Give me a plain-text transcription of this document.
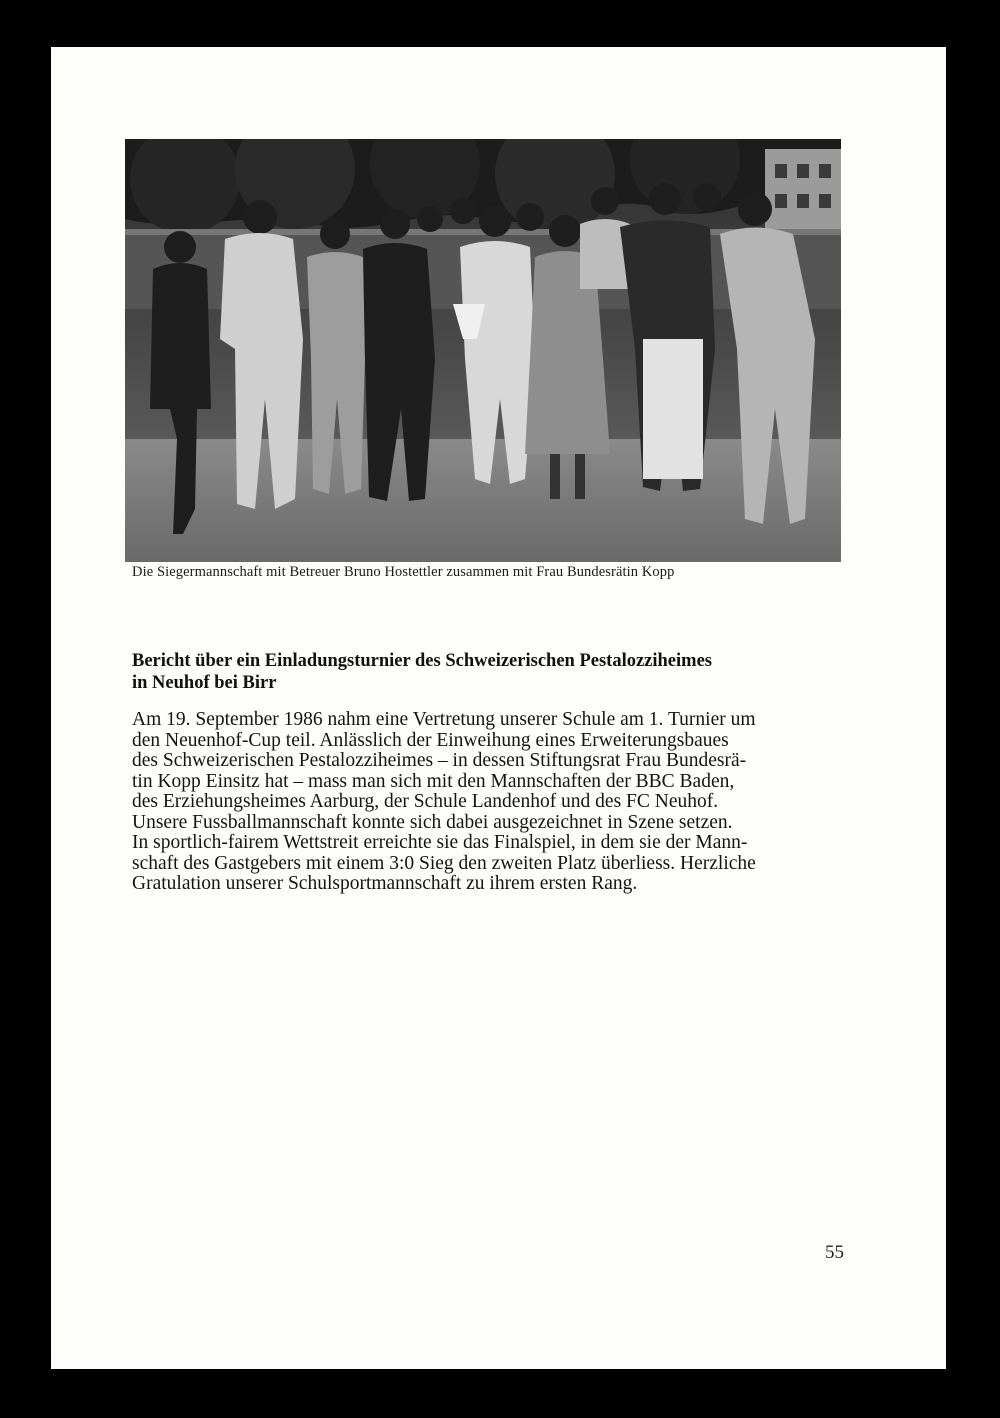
Die Siegermannschaft mit Betreuer Bruno Hostettler zusammen mit Frau Bundesrätin Kopp
Bericht über ein Einladungsturnier des Schweizerischen Pestalozziheimes
in Neuhof bei Birr
Am 19. September 1986 nahm eine Vertretung unserer Schule am 1. Turnier um
den Neuenhof-Cup teil. Anlässlich der Einweihung eines Erweiterungsbaues
des Schweizerischen Pestalozziheimes – in dessen Stiftungsrat Frau Bundesrä-
tin Kopp Einsitz hat – mass man sich mit den Mannschaften der BBC Baden,
des Erziehungsheimes Aarburg, der Schule Landenhof und des FC Neuhof.
Unsere Fussballmannschaft konnte sich dabei ausgezeichnet in Szene setzen.
In sportlich-fairem Wettstreit erreichte sie das Finalspiel, in dem sie der Mann-
schaft des Gastgebers mit einem 3:0 Sieg den zweiten Platz überliess. Herzliche
Gratulation unserer Schulsportmannschaft zu ihrem ersten Rang.
55
